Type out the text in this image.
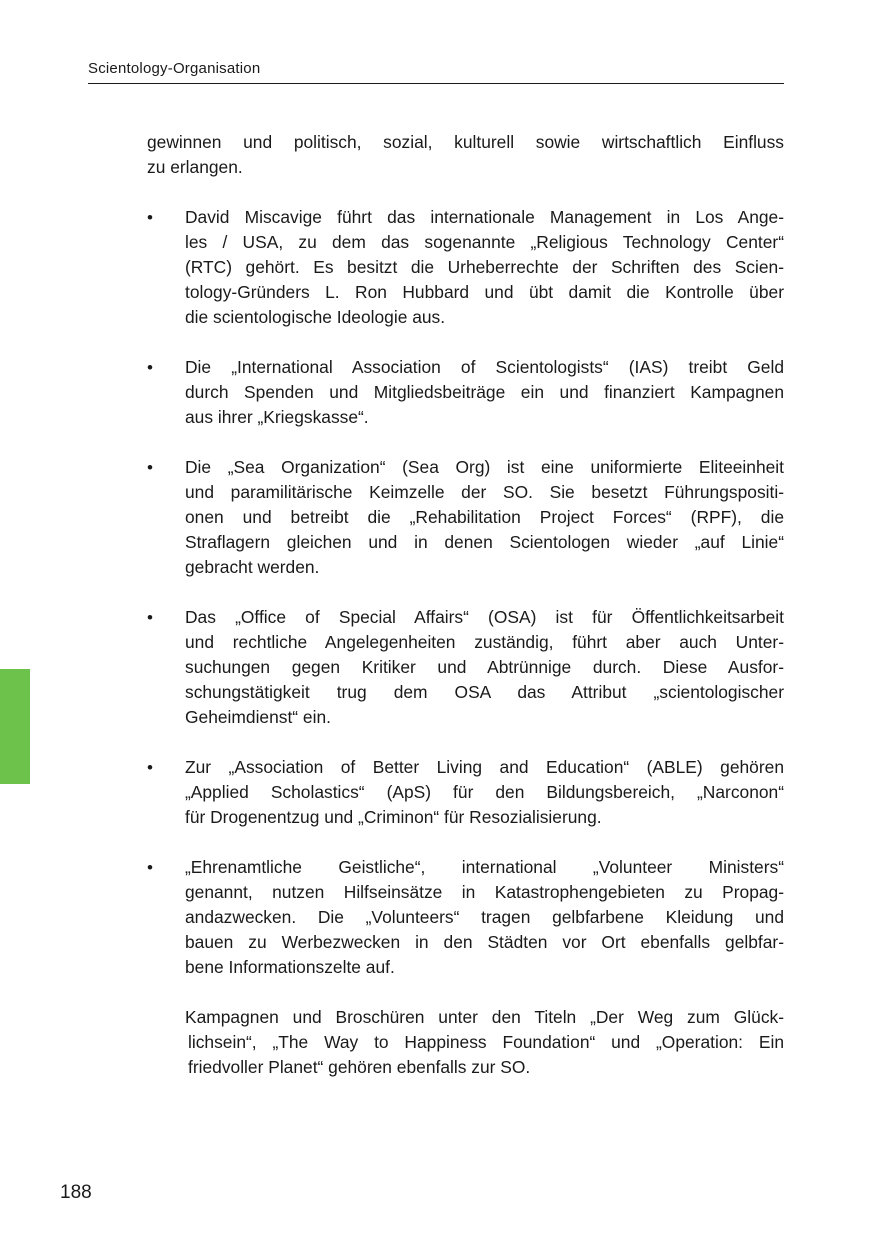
Scientology-Organisation

gewinnen und politisch, sozial, kulturell sowie wirtschaftlich Einfluss
zu erlangen.

•	David Miscavige führt das internationale Management in Los Ange-
les / USA, zu dem das sogenannte „Religious Technology Center“
(RTC) gehört. Es besitzt die Urheberrechte der Schriften des Scien-
tology-Gründers L. Ron Hubbard und übt damit die Kontrolle über
die scientologische Ideologie aus.
•	Die „International Association of Scientologists“ (IAS) treibt Geld
durch Spenden und Mitgliedsbeiträge ein und finanziert Kampagnen
aus ihrer „Kriegskasse“.
•	Die „Sea Organization“ (Sea Org) ist eine uniformierte Eliteeinheit
und paramilitärische Keimzelle der SO. Sie besetzt Führungspositi-
onen und betreibt die „Rehabilitation Project Forces“ (RPF), die
Straflagern gleichen und in denen Scientologen wieder „auf Linie“
gebracht werden.
•	Das „Office of Special Affairs“ (OSA) ist für Öffentlichkeitsarbeit
und rechtliche Angelegenheiten zuständig, führt aber auch Unter-
suchungen gegen Kritiker und Abtrünnige durch. Diese Ausfor-
schungstätigkeit trug dem OSA das Attribut „scientologischer
Geheimdienst“ ein.
•	Zur „Association of Better Living and Education“ (ABLE) gehören
„Applied Scholastics“ (ApS) für den Bildungsbereich, „Narconon“
für Drogenentzug und „Criminon“ für Resozialisierung.
•	„Ehrenamtliche Geistliche“, international „Volunteer Ministers“
genannt, nutzen Hilfseinsätze in Katastrophengebieten zu Propag-
andazwecken. Die „Volunteers“ tragen gelbfarbene Kleidung und
bauen zu Werbezwecken in den Städten vor Ort ebenfalls gelbfar-
bene Informationszelte auf.

Kampagnen und Broschüren unter den Titeln „Der Weg zum Glück-
lichsein“, „The Way to Happiness Foundation“ und „Operation: Ein
friedvoller Planet“ gehören ebenfalls zur SO.

188
